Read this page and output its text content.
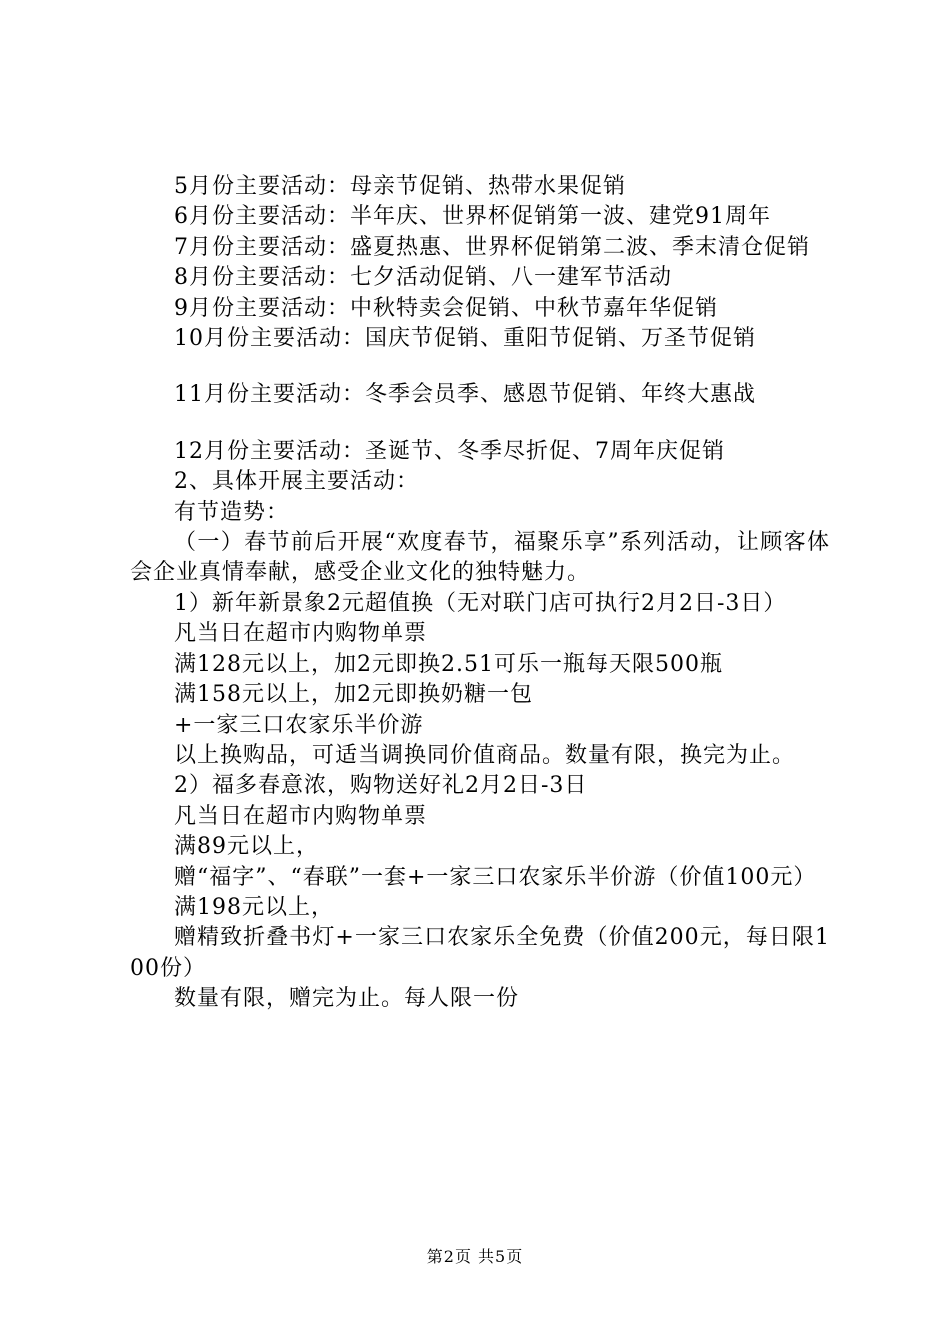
5月份主要活动：母亲节促销、热带水果促销

6月份主要活动：半年庆、世界杯促销第一波、建党91周年

7月份主要活动：盛夏热惠、世界杯促销第二波、季末清仓促销

8月份主要活动：七夕活动促销、八一建军节活动

9月份主要活动：中秋特卖会促销、中秋节嘉年华促销

10月份主要活动：国庆节促销、重阳节促销、万圣节促销

11月份主要活动：冬季会员季、感恩节促销、年终大惠战

12月份主要活动：圣诞节、冬季尽折促、7周年庆促销

2、具体开展主要活动：

有节造势：

（一）春节前后开展“欢度春节，福聚乐享”系列活动，让顾客体会企业真情奉献，感受企业文化的独特魅力。

1）新年新景象2元超值换（无对联门店可执行2月2日-3日）

凡当日在超市内购物单票

满128元以上，加2元即换2.51可乐一瓶每天限500瓶

满158元以上，加2元即换奶糖一包

+一家三口农家乐半价游

以上换购品，可适当调换同价值商品。数量有限，换完为止。

2）福多春意浓，购物送好礼2月2日-3日

凡当日在超市内购物单票

满89元以上，

赠“福字”、“春联”一套+一家三口农家乐半价游（价值100元）

满198元以上，

赠精致折叠书灯+一家三口农家乐全免费（价值200元，每日限100份）

数量有限，赠完为止。每人限一份

第2页 共5页
